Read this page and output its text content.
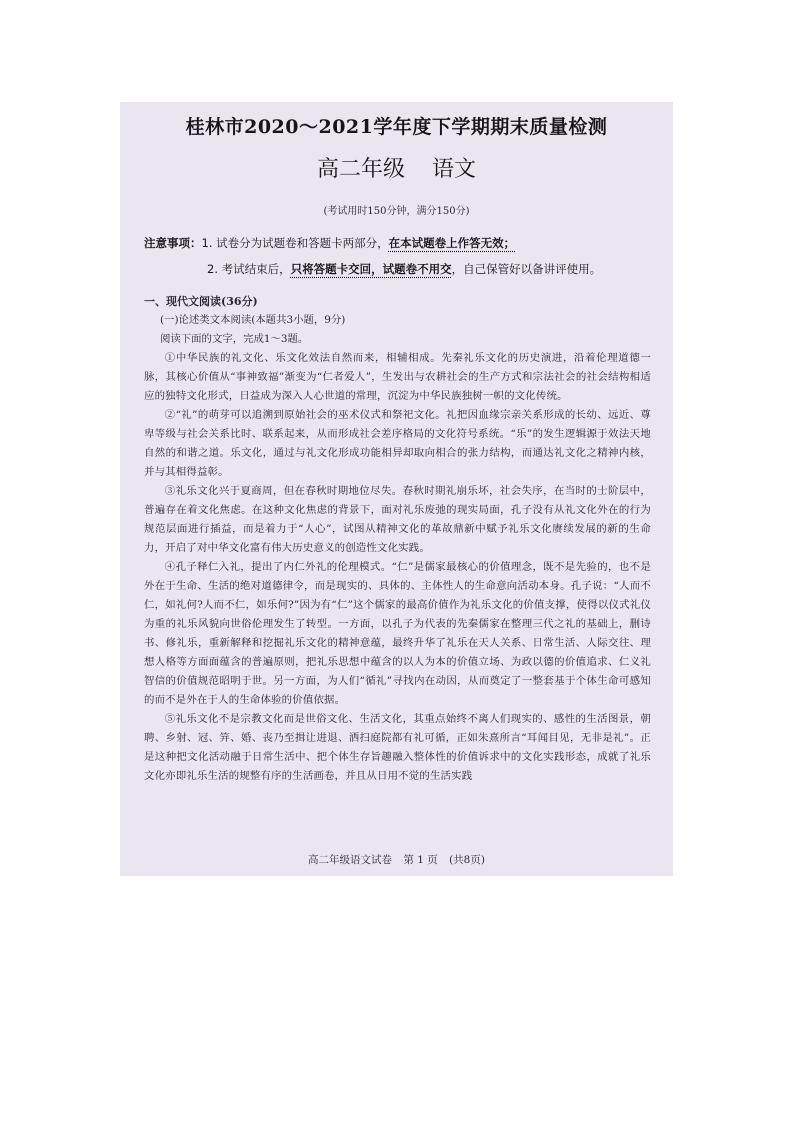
桂林市2020～2021学年度下学期期末质量检测
高二年级 语文
(考试用时150分钟，满分150分)
注意事项：1. 试卷分为试题卷和答题卡两部分，在本试题卷上作答无效；
2. 考试结束后，只将答题卡交回，试题卷不用交，自己保管好以备讲评使用。

一、现代文阅读(36分)

(一)论述类文本阅读(本题共3小题，9分)

阅读下面的文字，完成1～3题。

①中华民族的礼文化、乐文化效法自然而来，相辅相成。先秦礼乐文化的历史演进，沿着伦理道德一脉，其核心价值从“事神致福”渐变为“仁者爱人”，生发出与农耕社会的生产方式和宗法社会的社会结构相适应的独特文化形式，日益成为深入人心世道的常理，沉淀为中华民族独树一帜的文化传统。

②“礼”的萌芽可以追溯到原始社会的巫术仪式和祭祀文化。礼把因血缘宗亲关系形成的长幼、远近、尊卑等级与社会关系比时、联系起来，从而形成社会差序格局的文化符号系统。“乐”的发生逻辑源于效法天地自然的和谐之道。乐文化，通过与礼文化形成功能相异却取向相合的张力结构，而通达礼文化之精神内核，并与其相得益彰。

③礼乐文化兴于夏商周，但在春秋时期地位尽失。春秋时期礼崩乐坏，社会失序，在当时的士阶层中，普遍存在着文化焦虑。在这种文化焦虑的背景下，面对礼乐废弛的现实局面，孔子没有从礼文化外在的行为规范层面进行插益，而是着力于“人心”，试图从精神文化的革故鼎新中赋予礼乐文化赓续发展的新的生命力，开启了对中华文化富有伟大历史意义的创造性文化实践。

④孔子释仁入礼，提出了内仁外礼的伦理模式。“仁”是儒家最核心的价值理念，既不是先验的，也不是外在于生命、生活的绝对道德律令，而是现实的、具体的、主体性人的生命意向活动本身。孔子说：“人而不仁，如礼何?人而不仁，如乐何?”因为有“仁”这个儒家的最高价值作为礼乐文化的价值支撑，使得以仪式礼仪为重的礼乐风貌向世俗伦理发生了转型。一方面，以孔子为代表的先秦儒家在整理三代之礼的基础上，删诗书、修礼乐，重新解释和挖掘礼乐文化的精神意蕴，最终升华了礼乐在天人关系、日常生活、人际交往、理想人格等方面面蕴含的普遍原则，把礼乐思想中蕴含的以人为本的价值立场、为政以德的价值追求、仁义礼智信的价值规范昭明于世。另一方面，为人们“循礼”寻找内在动因，从而奠定了一整套基于个体生命可感知的而不是外在于人的生命体验的价值依据。

⑤礼乐文化不是宗教文化而是世俗文化、生活文化，其重点始终不离人们现实的、感性的生活图景，朝聘、乡射、冠、笄、婚、丧乃至揖让进退、洒扫庭院都有礼可循，正如朱熹所言“耳闻目见，无非是礼”。正是这种把文化活动融于日常生活中、把个体生存旨趣融入整体性的价值诉求中的文化实践形态，成就了礼乐文化亦即礼乐生活的规整有序的生活画卷，并且从日用不觉的生活实践

高二年级语文试卷 第 1 页 (共8页)
